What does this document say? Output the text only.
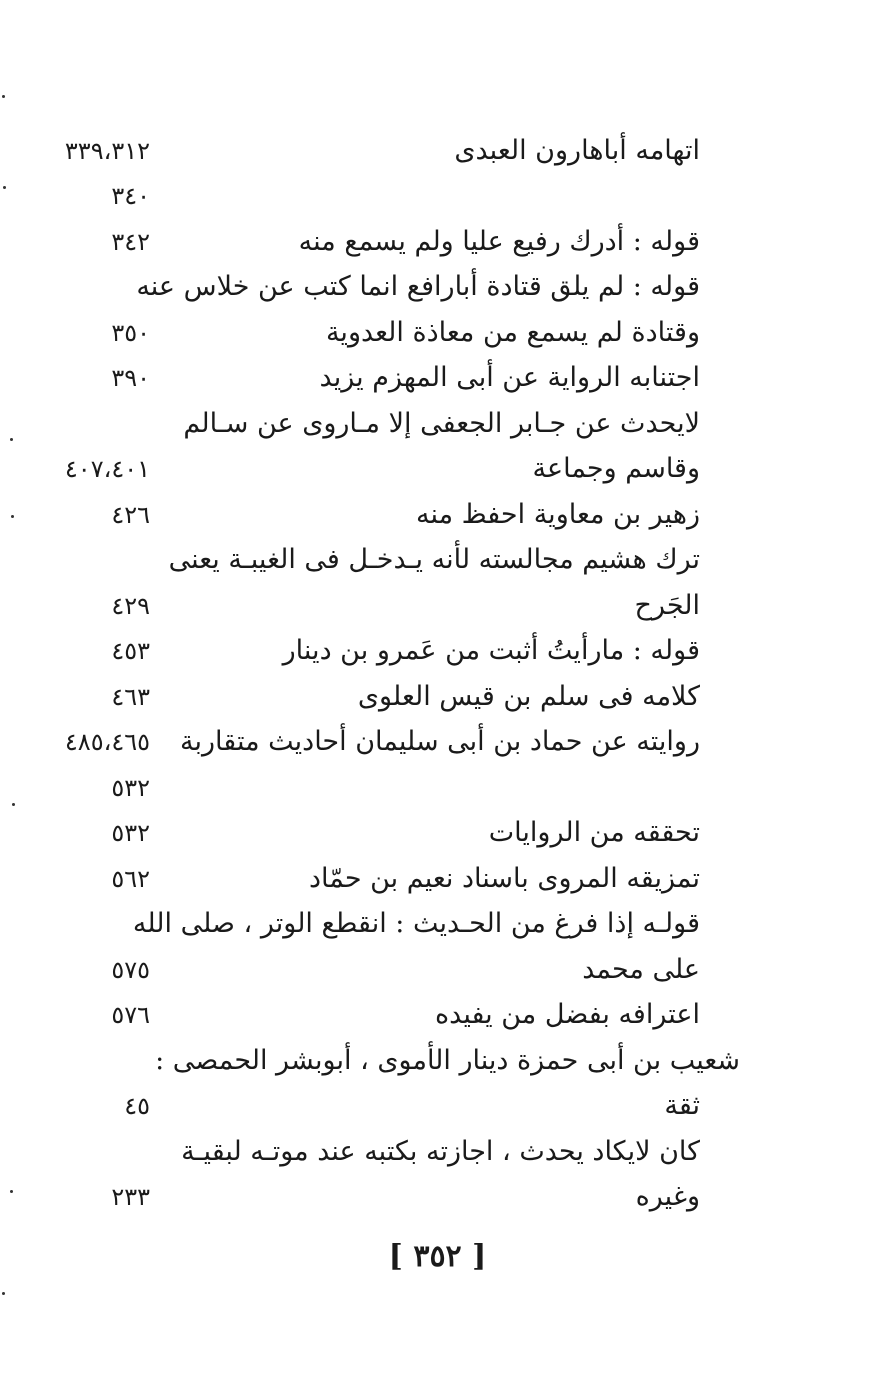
اتهامه أباهارون العبدى
٣٣٩،٣١٢
٣٤٠
قوله : أدرك رفيع عليا ولم يسمع منه
٣٤٢
قوله : لم يلق قتادة أبارافع انما كتب عن خلاس عنه
وقتادة لم يسمع من معاذة العدوية
٣٥٠
اجتنابه الرواية عن أبى المهزم يزيد
٣٩٠
لايحدث عن جـابر الجعفى إلا مـاروى عن سـالم
وقاسم وجماعة
٤٠٧،٤٠١
زهير بن معاوية احفظ منه
٤٢٦
ترك هشيم مجالسته لأنه يـدخـل فى الغيبـة يعنى
الجَرح
٤٢٩
قوله : مارأيتُ أثبت من عَمرو بن دينار
٤٥٣
كلامه فى سلم بن قيس العلوى
٤٦٣
روايته عن حماد بن أبى سليمان أحاديث متقاربة
٤٨٥،٤٦٥
٥٣٢
تحققه من الروايات
٥٣٢
تمزيقه المروى باسناد نعيم بن حمّاد
٥٦٢
قولـه إذا فرغ من الحـديث : انقطع الوتر ، صلى الله
على محمد
٥٧٥
اعترافه بفضل من يفيده
٥٧٦
شعيب بن أبى حمزة دينار الأموى ، أبوبشر الحمصى :
ثقة
٤٥
كان لايكاد يحدث ، اجازته بكتبه عند موتـه لبقيـة
وغيره
٢٣٣
[ ٣٥٢ ]
